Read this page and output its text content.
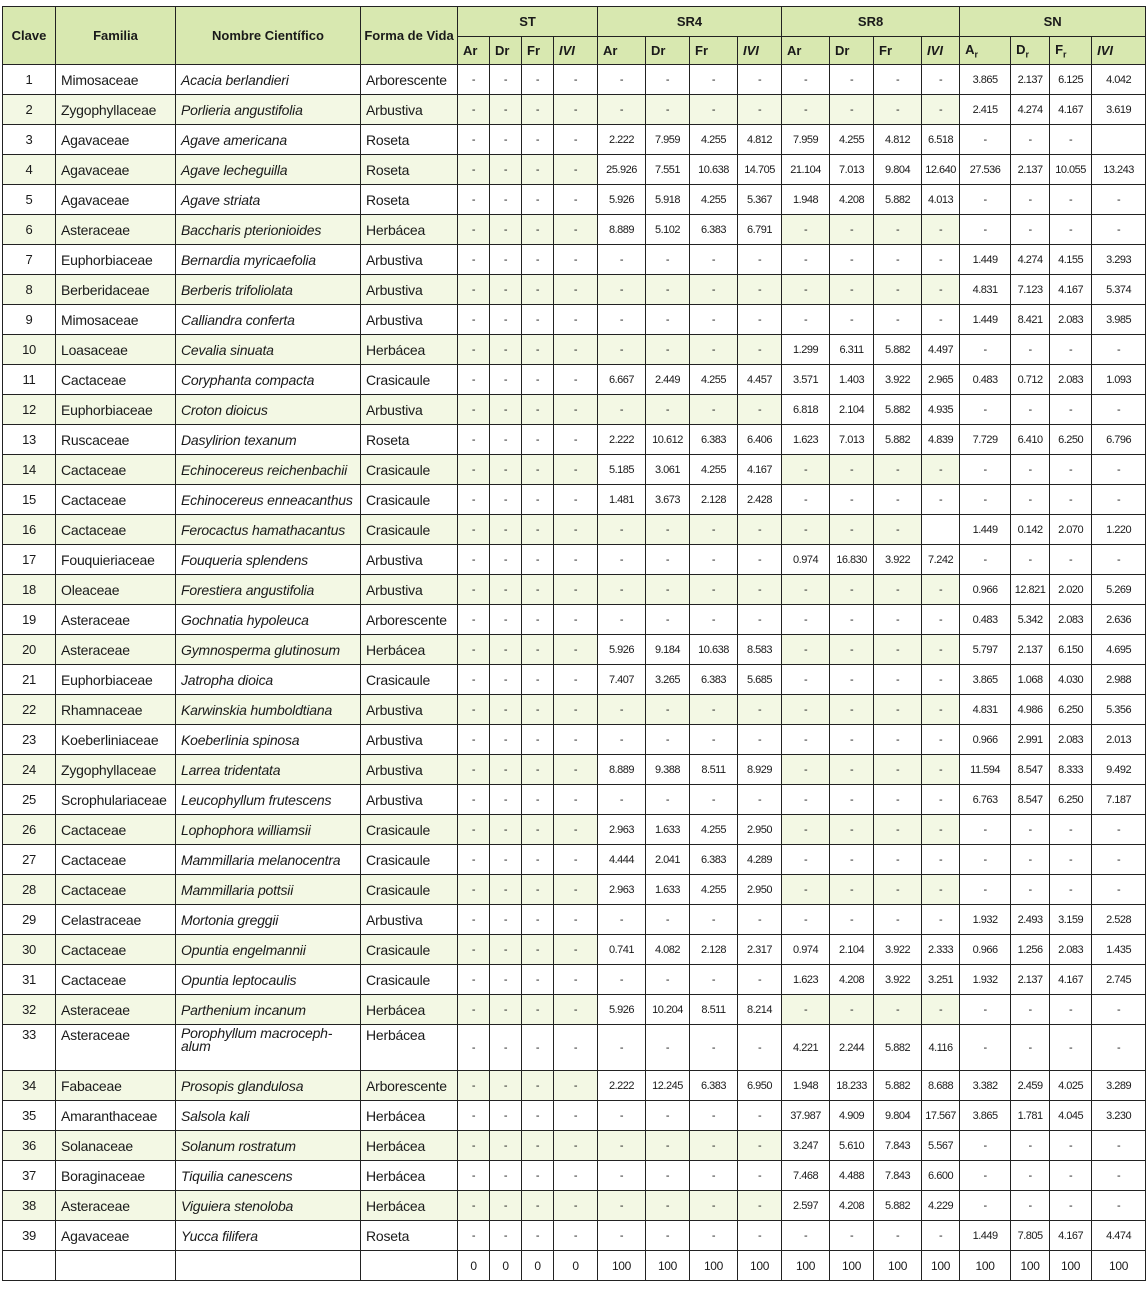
Clave	Familia	Nombre Científico	Forma de Vida	ST				SR4				SR8				SN			
				Ar	Dr	Fr	IVI	Ar	Dr	Fr	IVI	Ar	Dr	Fr	IVI	$A_r$	$D_r$	$F_r$	IVI
1	Mimosaceae	Acacia berlandieri	Arborescente	-	-	-	-	-	-	-	-	-	-	-	-	3.865	2.137	6.125	4.042
2	Zygophyllaceae	Porlieria angustifolia	Arbustiva	-	-	-	-	-	-	-	-	-	-	-	-	2.415	4.274	4.167	3.619
3	Agavaceae	Agave americana	Roseta	-	-	-	-	2.222	7.959	4.255	4.812	7.959	4.255	4.812	6.518	-	-	-	
4	Agavaceae	Agave lecheguilla	Roseta	-	-	-	-	25.926	7.551	10.638	14.705	21.104	7.013	9.804	12.640	27.536	2.137	10.055	13.243
5	Agavaceae	Agave striata	Roseta	-	-	-	-	5.926	5.918	4.255	5.367	1.948	4.208	5.882	4.013	-	-	-	-
6	Asteraceae	Baccharis pterionioides	Herbácea	-	-	-	-	8.889	5.102	6.383	6.791	-	-	-	-	-	-	-	-
7	Euphorbiaceae	Bernardia myricaefolia	Arbustiva	-	-	-	-	-	-	-	-	-	-	-	-	1.449	4.274	4.155	3.293
8	Berberidaceae	Berberis trifoliolata	Arbustiva	-	-	-	-	-	-	-	-	-	-	-	-	4.831	7.123	4.167	5.374
9	Mimosaceae	Calliandra conferta	Arbustiva	-	-	-	-	-	-	-	-	-	-	-	-	1.449	8.421	2.083	3.985
10	Loasaceae	Cevalia sinuata	Herbácea	-	-	-	-	-	-	-	-	1.299	6.311	5.882	4.497	-	-	-	-
11	Cactaceae	Coryphanta compacta	Crasicaule	-	-	-	-	6.667	2.449	4.255	4.457	3.571	1.403	3.922	2.965	0.483	0.712	2.083	1.093
12	Euphorbiaceae	Croton dioicus	Arbustiva	-	-	-	-	-	-	-	-	6.818	2.104	5.882	4.935	-	-	-	-
13	Ruscaceae	Dasylirion texanum	Roseta	-	-	-	-	2.222	10.612	6.383	6.406	1.623	7.013	5.882	4.839	7.729	6.410	6.250	6.796
14	Cactaceae	Echinocereus reichenbachii	Crasicaule	-	-	-	-	5.185	3.061	4.255	4.167	-	-	-	-	-	-	-	-
15	Cactaceae	Echinocereus enneacanthus	Crasicaule	-	-	-	-	1.481	3.673	2.128	2.428	-	-	-	-	-	-	-	-
16	Cactaceae	Ferocactus hamathacantus	Crasicaule	-	-	-	-	-	-	-	-	-	-	-		1.449	0.142	2.070	1.220
17	Fouquieriaceae	Fouqueria splendens	Arbustiva	-	-	-	-	-	-	-	-	0.974	16.830	3.922	7.242	-	-	-	-
18	Oleaceae	Forestiera angustifolia	Arbustiva	-	-	-	-	-	-	-	-	-	-	-	-	0.966	12.821	2.020	5.269
19	Asteraceae	Gochnatia hypoleuca	Arborescente	-	-	-	-	-	-	-	-	-	-	-	-	0.483	5.342	2.083	2.636
20	Asteraceae	Gymnosperma glutinosum	Herbácea	-	-	-	-	5.926	9.184	10.638	8.583	-	-	-	-	5.797	2.137	6.150	4.695
21	Euphorbiaceae	Jatropha dioica	Crasicaule	-	-	-	-	7.407	3.265	6.383	5.685	-	-	-	-	3.865	1.068	4.030	2.988
22	Rhamnaceae	Karwinskia humboldtiana	Arbustiva	-	-	-	-	-	-	-	-	-	-	-	-	4.831	4.986	6.250	5.356
23	Koeberliniaceae	Koeberlinia spinosa	Arbustiva	-	-	-	-	-	-	-	-	-	-	-	-	0.966	2.991	2.083	2.013
24	Zygophyllaceae	Larrea tridentata	Arbustiva	-	-	-	-	8.889	9.388	8.511	8.929	-	-	-	-	11.594	8.547	8.333	9.492
25	Scrophulariaceae	Leucophyllum frutescens	Arbustiva	-	-	-	-	-	-	-	-	-	-	-	-	6.763	8.547	6.250	7.187
26	Cactaceae	Lophophora williamsii	Crasicaule	-	-	-	-	2.963	1.633	4.255	2.950	-	-	-	-	-	-	-	-
27	Cactaceae	Mammillaria melanocentra	Crasicaule	-	-	-	-	4.444	2.041	6.383	4.289	-	-	-	-	-	-	-	-
28	Cactaceae	Mammillaria pottsii	Crasicaule	-	-	-	-	2.963	1.633	4.255	2.950	-	-	-	-	-	-	-	-
29	Celastraceae	Mortonia greggii	Arbustiva	-	-	-	-	-	-	-	-	-	-	-	-	1.932	2.493	3.159	2.528
30	Cactaceae	Opuntia engelmannii	Crasicaule	-	-	-	-	0.741	4.082	2.128	2.317	0.974	2.104	3.922	2.333	0.966	1.256	2.083	1.435
31	Cactaceae	Opuntia leptocaulis	Crasicaule	-	-	-	-	-	-	-	-	1.623	4.208	3.922	3.251	1.932	2.137	4.167	2.745
32	Asteraceae	Parthenium incanum	Herbácea	-	-	-	-	5.926	10.204	8.511	8.214	-	-	-	-	-	-	-	-
33	Asteraceae	Porophyllum macroceph-alum	Herbácea	-	-	-	-	-	-	-	-	4.221	2.244	5.882	4.116	-	-	-	-
34	Fabaceae	Prosopis glandulosa	Arborescente	-	-	-	-	2.222	12.245	6.383	6.950	1.948	18.233	5.882	8.688	3.382	2.459	4.025	3.289
35	Amaranthaceae	Salsola kali	Herbácea	-	-	-	-	-	-	-	-	37.987	4.909	9.804	17.567	3.865	1.781	4.045	3.230
36	Solanaceae	Solanum rostratum	Herbácea	-	-	-	-	-	-	-	-	3.247	5.610	7.843	5.567	-	-	-	-
37	Boraginaceae	Tiquilia canescens	Herbácea	-	-	-	-	-	-	-	-	7.468	4.488	7.843	6.600	-	-	-	-
38	Asteraceae	Viguiera stenoloba	Herbácea	-	-	-	-	-	-	-	-	2.597	4.208	5.882	4.229	-	-	-	-
39	Agavaceae	Yucca filifera	Roseta	-	-	-	-	-	-	-	-	-	-	-	-	1.449	7.805	4.167	4.474
				0	0	0	0	100	100	100	100	100	100	100	100	100	100	100	100
